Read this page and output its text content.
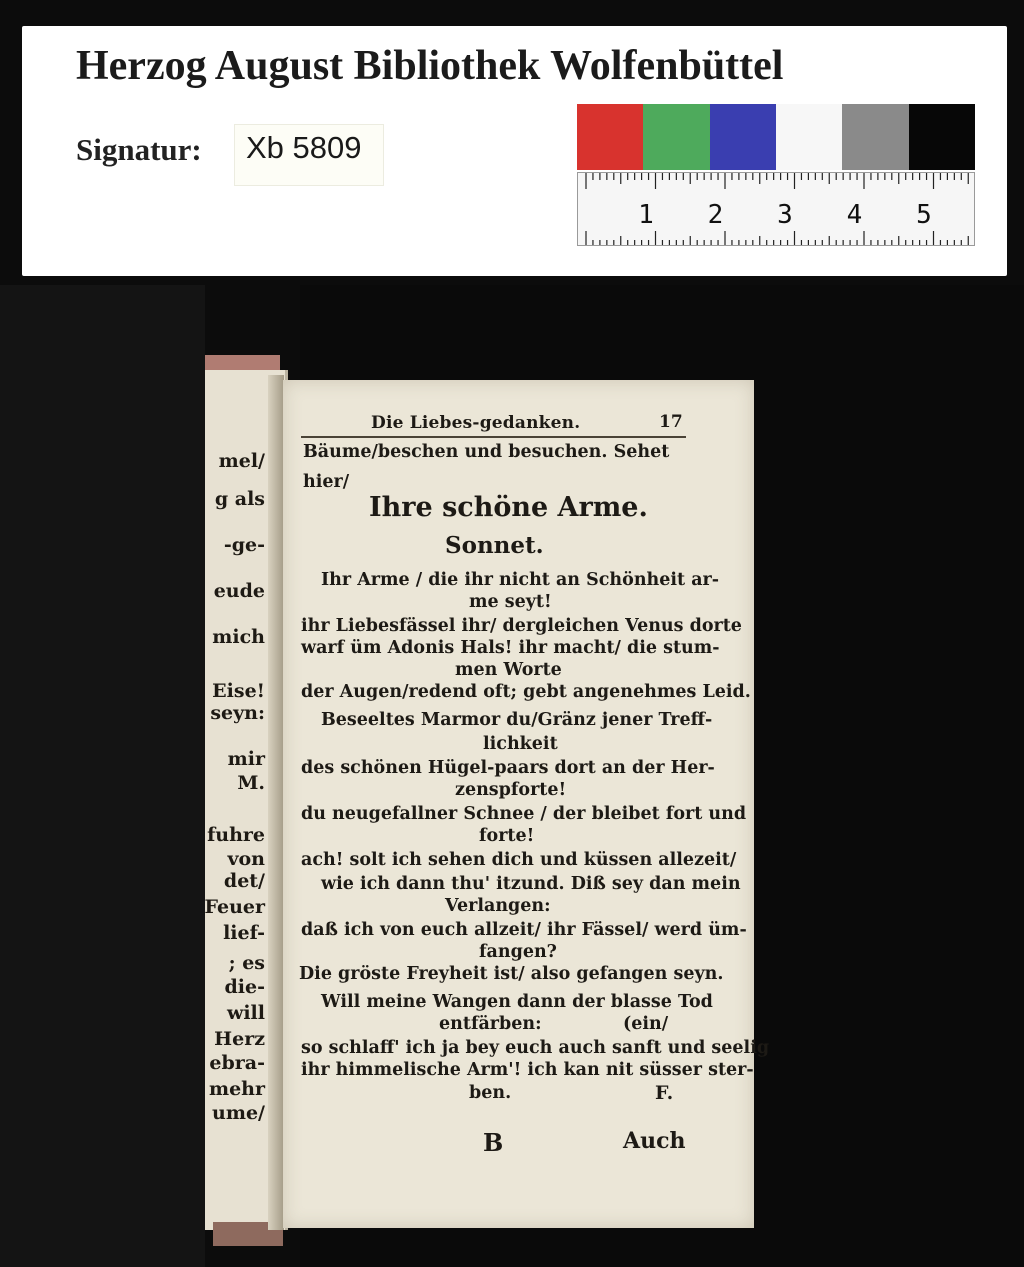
Herzog August Bibliothek Wolfenbüttel
Signatur: Xb 5809
1 2 3 4 5
mel/
g als
-ge-
eude
mich
Eise!
seyn:
mir
M.
fuhre
von
det/
Feuer
lief-
; es
die-
will
Herz
ebra-
mehr
ume/
Die Liebes-gedanken.	17
Bäume/beschen und besuchen. Sehet
hier/
Ihre schöne Arme.
Sonnet.
Ihr Arme / die ihr nicht an Schönheit ar-
me seyt!
ihr Liebesfässel ihr/ dergleichen Venus dorte
warf üm Adonis Hals! ihr macht/ die stum-
men Worte
der Augen/redend oft; gebt angenehmes Leid.
Beseeltes Marmor du/Gränz jener Treff-
lichkeit
des schönen Hügel-paars dort an der Her-
zenspforte!
du neugefallner Schnee / der bleibet fort und
forte!
ach! solt ich sehen dich und küssen allezeit/
wie ich dann thu' itzund. Diß sey dan mein
Verlangen:
daß ich von euch allzeit/ ihr Fässel/ werd üm-
fangen?
Die gröste Freyheit ist/ also gefangen seyn.
Will meine Wangen dann der blasse Tod
entfärben:	(ein/
so schlaff' ich ja bey euch auch sanft und seelig
ihr himmelische Arm'! ich kan nit süsser ster-
ben.	F.
B	Auch
